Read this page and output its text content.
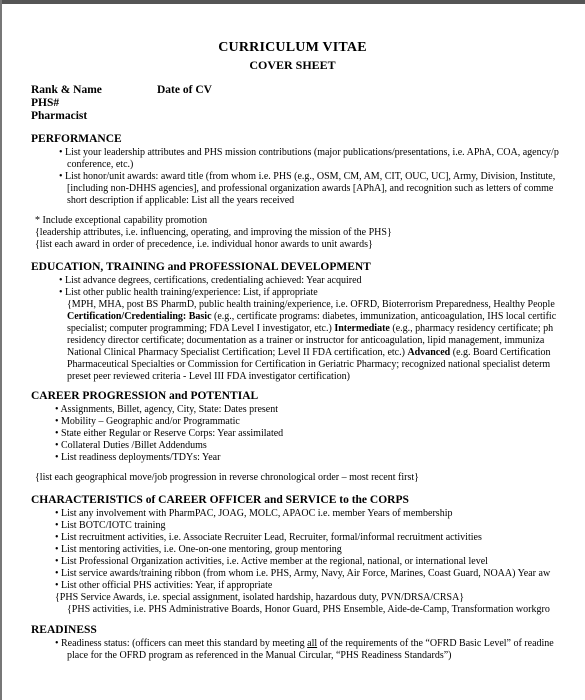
PERFORMANCE
• List your leadership attributes and PHS mission contributions (major publications/presentations, i.e. APhA, COA, agency/p
conference, etc.)
• List honor/unit awards: award title (from whom i.e. PHS (e.g., OSM, CM, AM, CIT, OUC, UC], Army, Division, Institute,
[including non-DHHS agencies], and professional organization awards [APhA], and recognition such as letters of comme
short description if applicable: List all the years received
* Include exceptional capability promotion
{leadership attributes, i.e. influencing, operating, and improving the mission of the PHS}
{list each award in order of precedence, i.e. individual honor awards to unit awards}
EDUCATION, TRAINING and PROFESSIONAL DEVELOPMENT
• List advance degrees, certifications, credentialing achieved: Year acquired
• List other public health training/experience: List, if appropriate
{MPH, MHA, post BS PharmD, public health training/experience, i.e. OFRD, Bioterrorism Preparedness, Healthy People
Certification/Credentialing: Basic (e.g., certificate programs: diabetes, immunization, anticoagulation, IHS local certific
specialist; computer programming; FDA Level I investigator, etc.) Intermediate (e.g., pharmacy residency certificate; ph
residency director certificate; documentation as a trainer or instructor for anticoagulation, lipid management, immuniza
National Clinical Pharmacy Specialist Certification; Level II FDA certification, etc.) Advanced (e.g. Board Certification
Pharmaceutical Specialties or Commission for Certification in Geriatric Pharmacy; recognized national specialist determ
preset peer reviewed criteria - Level III FDA investigator certification)
CAREER PROGRESSION and POTENTIAL
• Assignments, Billet, agency, City, State: Dates present
• Mobility – Geographic and/or Programmatic
• State either Regular or Reserve Corps: Year assimilated
• Collateral Duties /Billet Addendums
• List readiness deployments/TDYs: Year
{list each geographical move/job progression in reverse chronological order – most recent first}
CHARACTERISTICS of CAREER OFFICER and SERVICE to the CORPS
• List any involvement with PharmPAC, JOAG, MOLC, APAOC i.e. member Years of membership
• List BOTC/IOTC training
• List recruitment activities, i.e. Associate Recruiter Lead, Recruiter, formal/informal recruitment activities
• List mentoring activities, i.e. One-on-one mentoring, group mentoring
• List Professional Organization activities, i.e. Active member at the regional, national, or international level
• List service awards/training ribbon (from whom i.e. PHS, Army, Navy, Air Force, Marines, Coast Guard, NOAA) Year aw
• List other official PHS activities: Year, if appropriate
{PHS Service Awards, i.e. special assignment, isolated hardship, hazardous duty, PVN/DRSA/CRSA}
{PHS activities, i.e. PHS Administrative Boards, Honor Guard, PHS Ensemble, Aide-de-Camp, Transformation workgro
READINESS
• Readiness status: (officers can meet this standard by meeting all of the requirements of the “OFRD Basic Level” of readine
place for the OFRD program as referenced in the Manual Circular, “PHS Readiness Standards”)
CURRICULUM VITAE
COVER SHEET
Rank & Name	Date of CV
PHS#
Pharmacist
